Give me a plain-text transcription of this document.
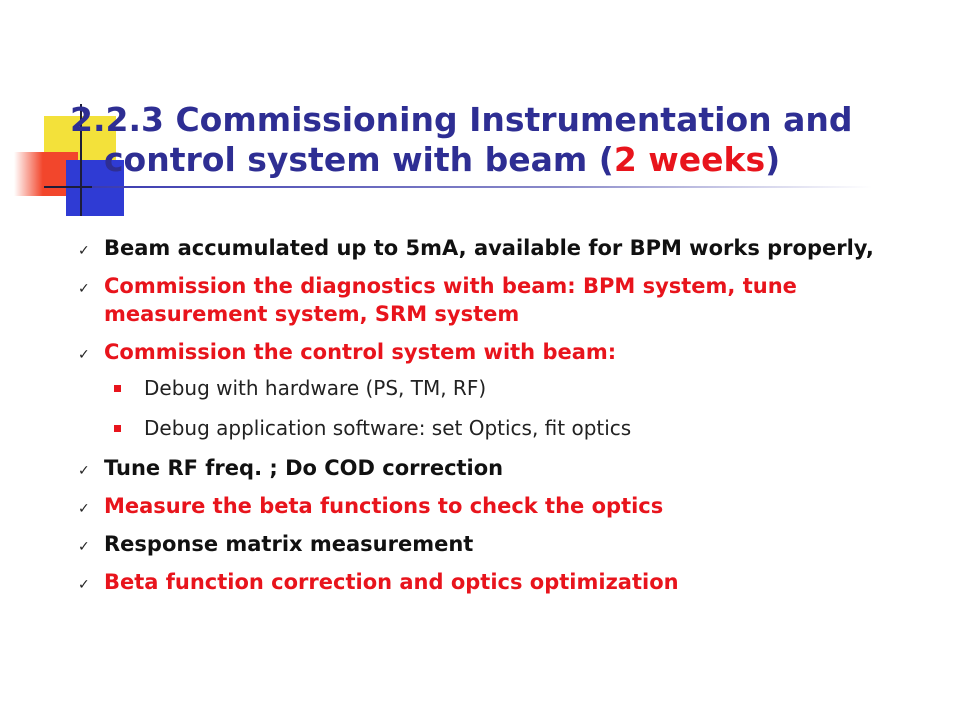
2.2.3 Commissioning Instrumentation and
control system with beam (2 weeks)
✓ Beam accumulated up to 5mA, available for BPM works properly,
✓ Commission the diagnostics with beam: BPM system, tune measurement system, SRM system
✓ Commission the control system with beam:
Debug with hardware (PS, TM, RF)
Debug application software: set Optics, fit optics
✓ Tune RF freq. ; Do COD correction
✓ Measure the beta functions to check the optics
✓ Response matrix measurement
✓ Beta function correction and optics optimization
